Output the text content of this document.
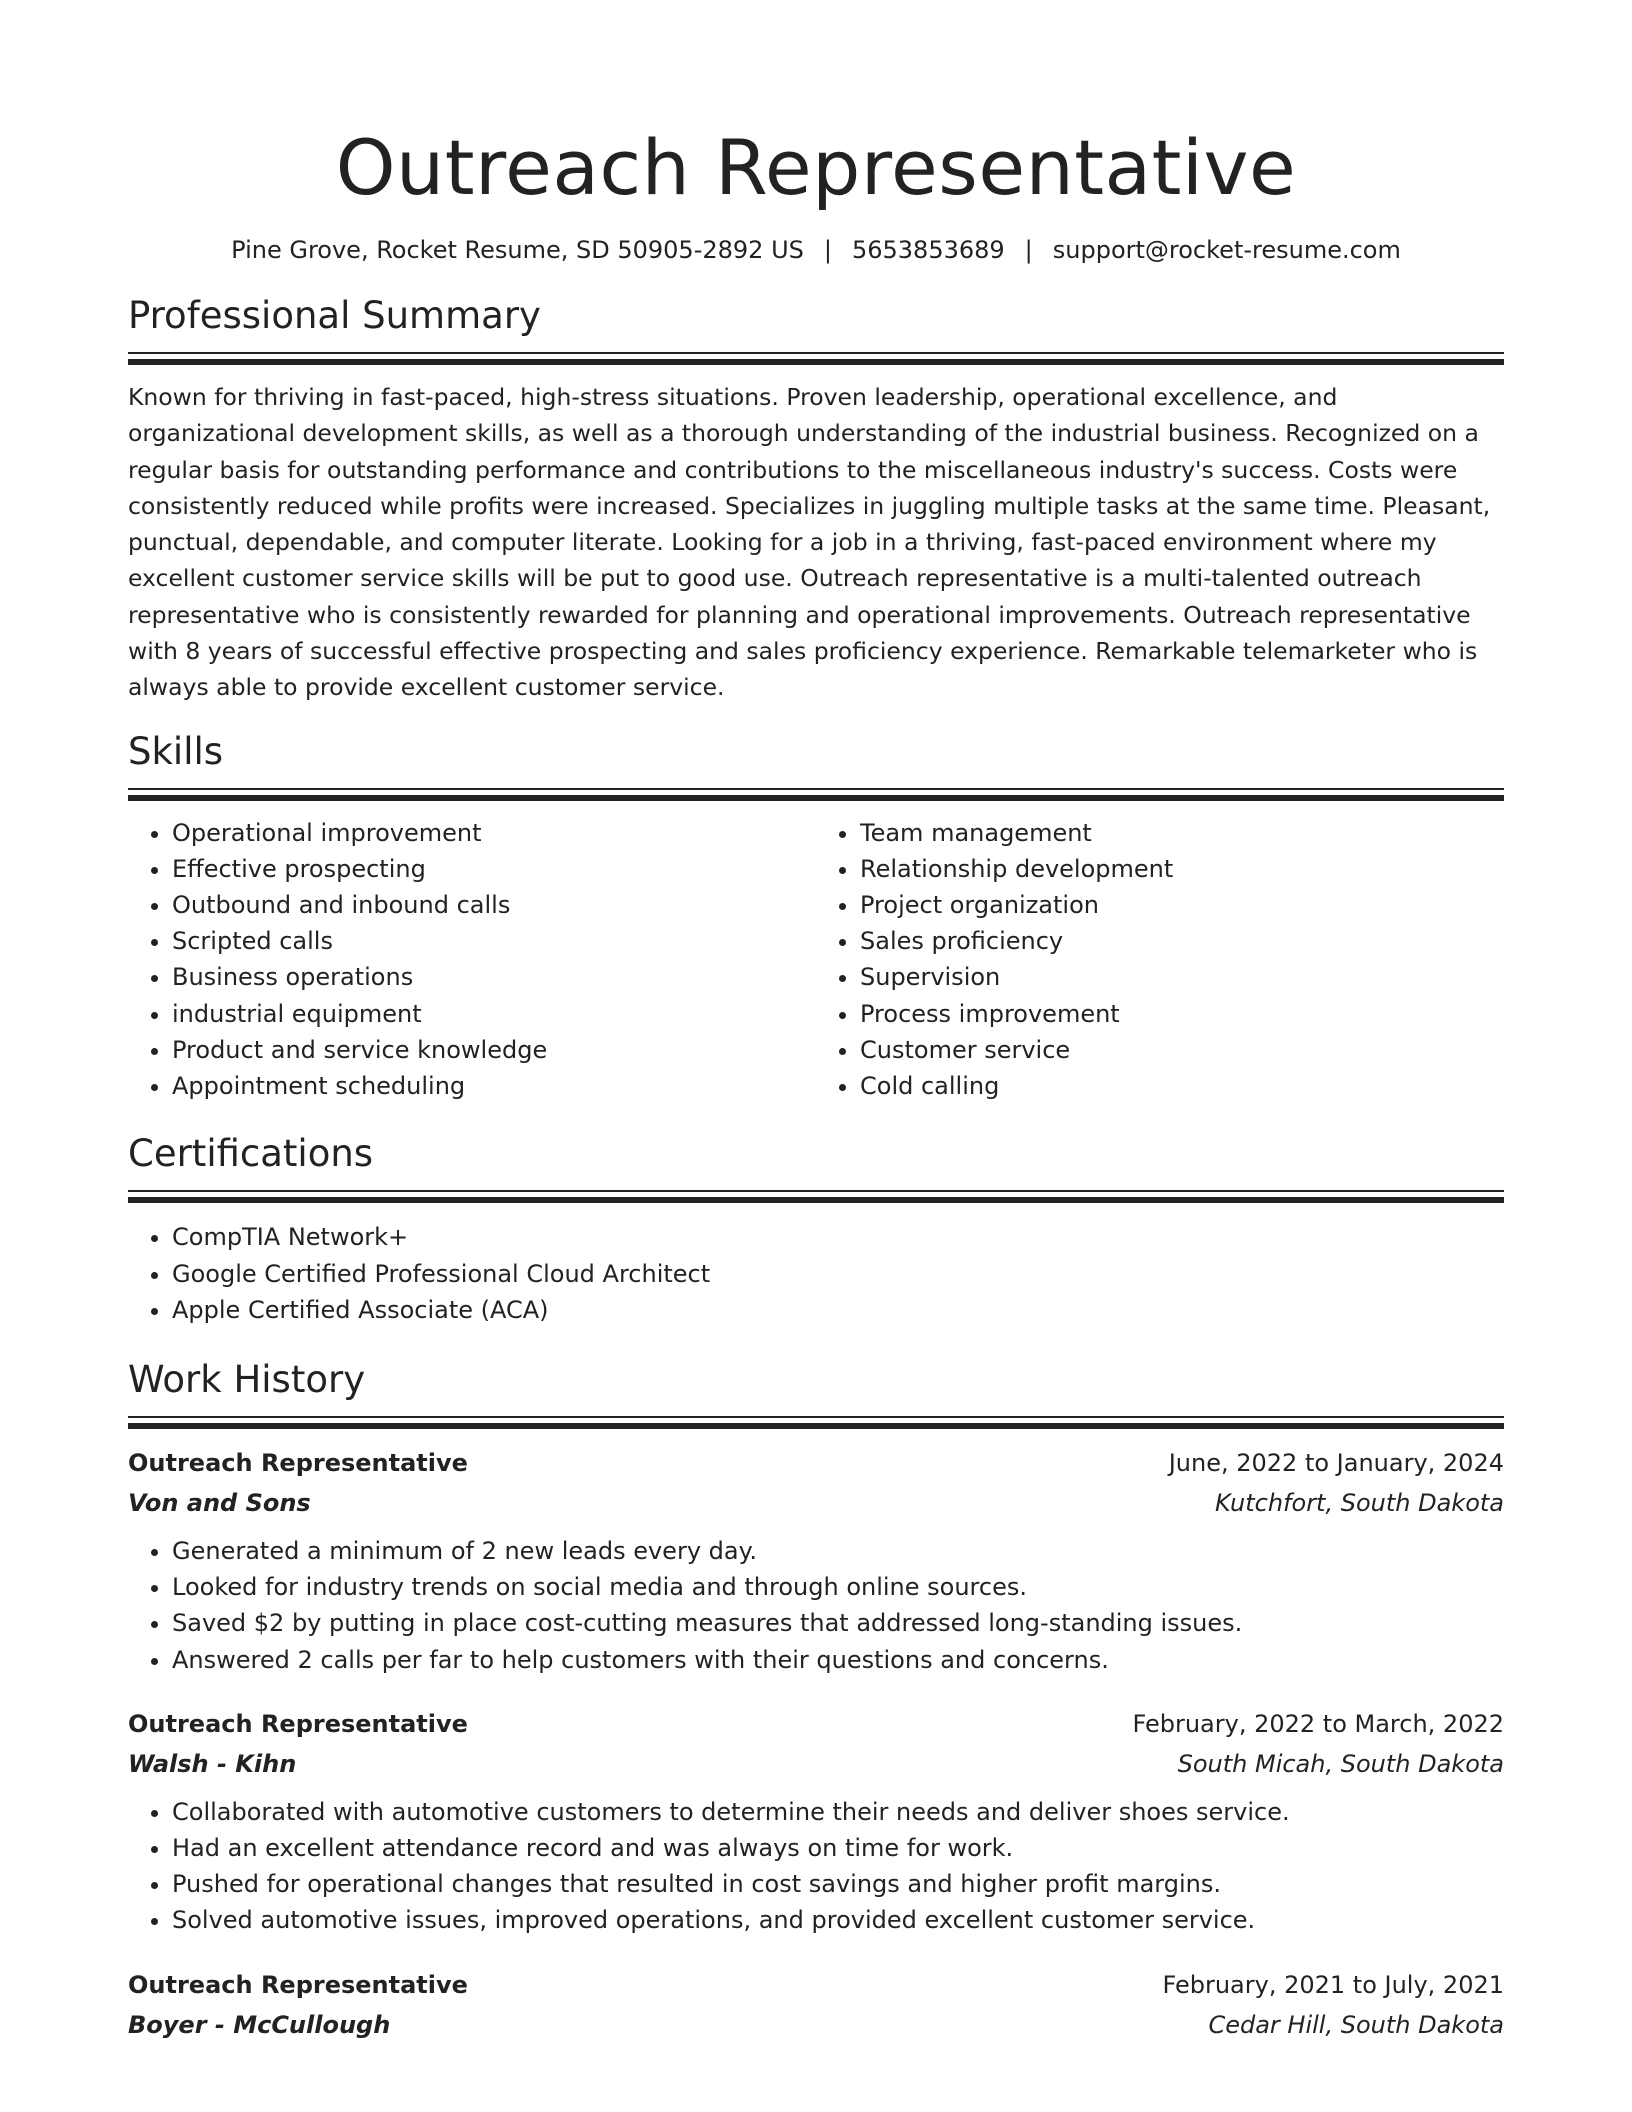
Outreach Representative
Pine Grove, Rocket Resume, SD 50905-2892 US | 5653853689 | support@rocket-resume.com
Professional Summary
Known for thriving in fast-paced, high-stress situations. Proven leadership, operational excellence, and organizational development skills, as well as a thorough understanding of the industrial business. Recognized on a regular basis for outstanding performance and contributions to the miscellaneous industry's success. Costs were consistently reduced while profits were increased. Specializes in juggling multiple tasks at the same time. Pleasant, punctual, dependable, and computer literate. Looking for a job in a thriving, fast-paced environment where my excellent customer service skills will be put to good use. Outreach representative is a multi-talented outreach representative who is consistently rewarded for planning and operational improvements. Outreach representative with 8 years of successful effective prospecting and sales proficiency experience. Remarkable telemarketer who is always able to provide excellent customer service.
Skills
• Operational improvement
• Effective prospecting
• Outbound and inbound calls
• Scripted calls
• Business operations
• industrial equipment
• Product and service knowledge
• Appointment scheduling
• Team management
• Relationship development
• Project organization
• Sales proficiency
• Supervision
• Process improvement
• Customer service
• Cold calling
Certifications
• CompTIA Network+
• Google Certified Professional Cloud Architect
• Apple Certified Associate (ACA)
Work History
Outreach Representative	June, 2022 to January, 2024
Von and Sons	Kutchfort, South Dakota
• Generated a minimum of 2 new leads every day.
• Looked for industry trends on social media and through online sources.
• Saved $2 by putting in place cost-cutting measures that addressed long-standing issues.
• Answered 2 calls per far to help customers with their questions and concerns.
Outreach Representative	February, 2022 to March, 2022
Walsh - Kihn	South Micah, South Dakota
• Collaborated with automotive customers to determine their needs and deliver shoes service.
• Had an excellent attendance record and was always on time for work.
• Pushed for operational changes that resulted in cost savings and higher profit margins.
• Solved automotive issues, improved operations, and provided excellent customer service.
Outreach Representative	February, 2021 to July, 2021
Boyer - McCullough	Cedar Hill, South Dakota
